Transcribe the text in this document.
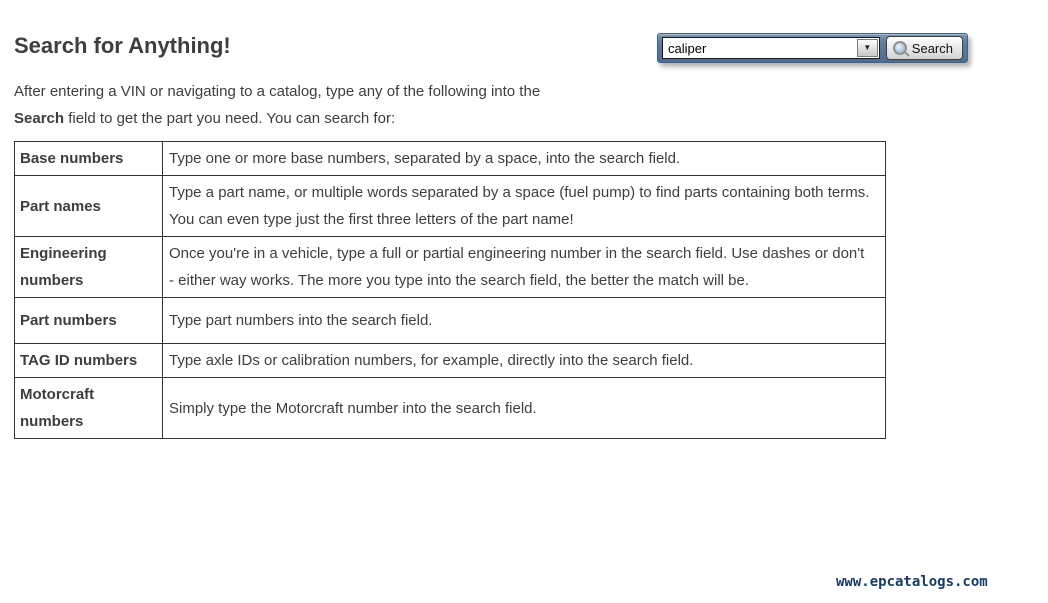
Search for Anything!

After entering a VIN or navigating to a catalog, type any of the following into the
Search field to get the part you need. You can search for:

Base numbers	Type one or more base numbers, separated by a space, into the search field.
Part names	Type a part name, or multiple words separated by a space (fuel pump) to find parts containing both terms. You can even type just the first three letters of the part name!
Engineering numbers	Once you're in a vehicle, type a full or partial engineering number in the search field. Use dashes or don't - either way works. The more you type into the search field, the better the match will be.
Part numbers	Type part numbers into the search field.
TAG ID numbers	Type axle IDs or calibration numbers, for example, directly into the search field.
Motorcraft numbers	Simply type the Motorcraft number into the search field.
caliper
▼	Search
www.epcatalogs.com
